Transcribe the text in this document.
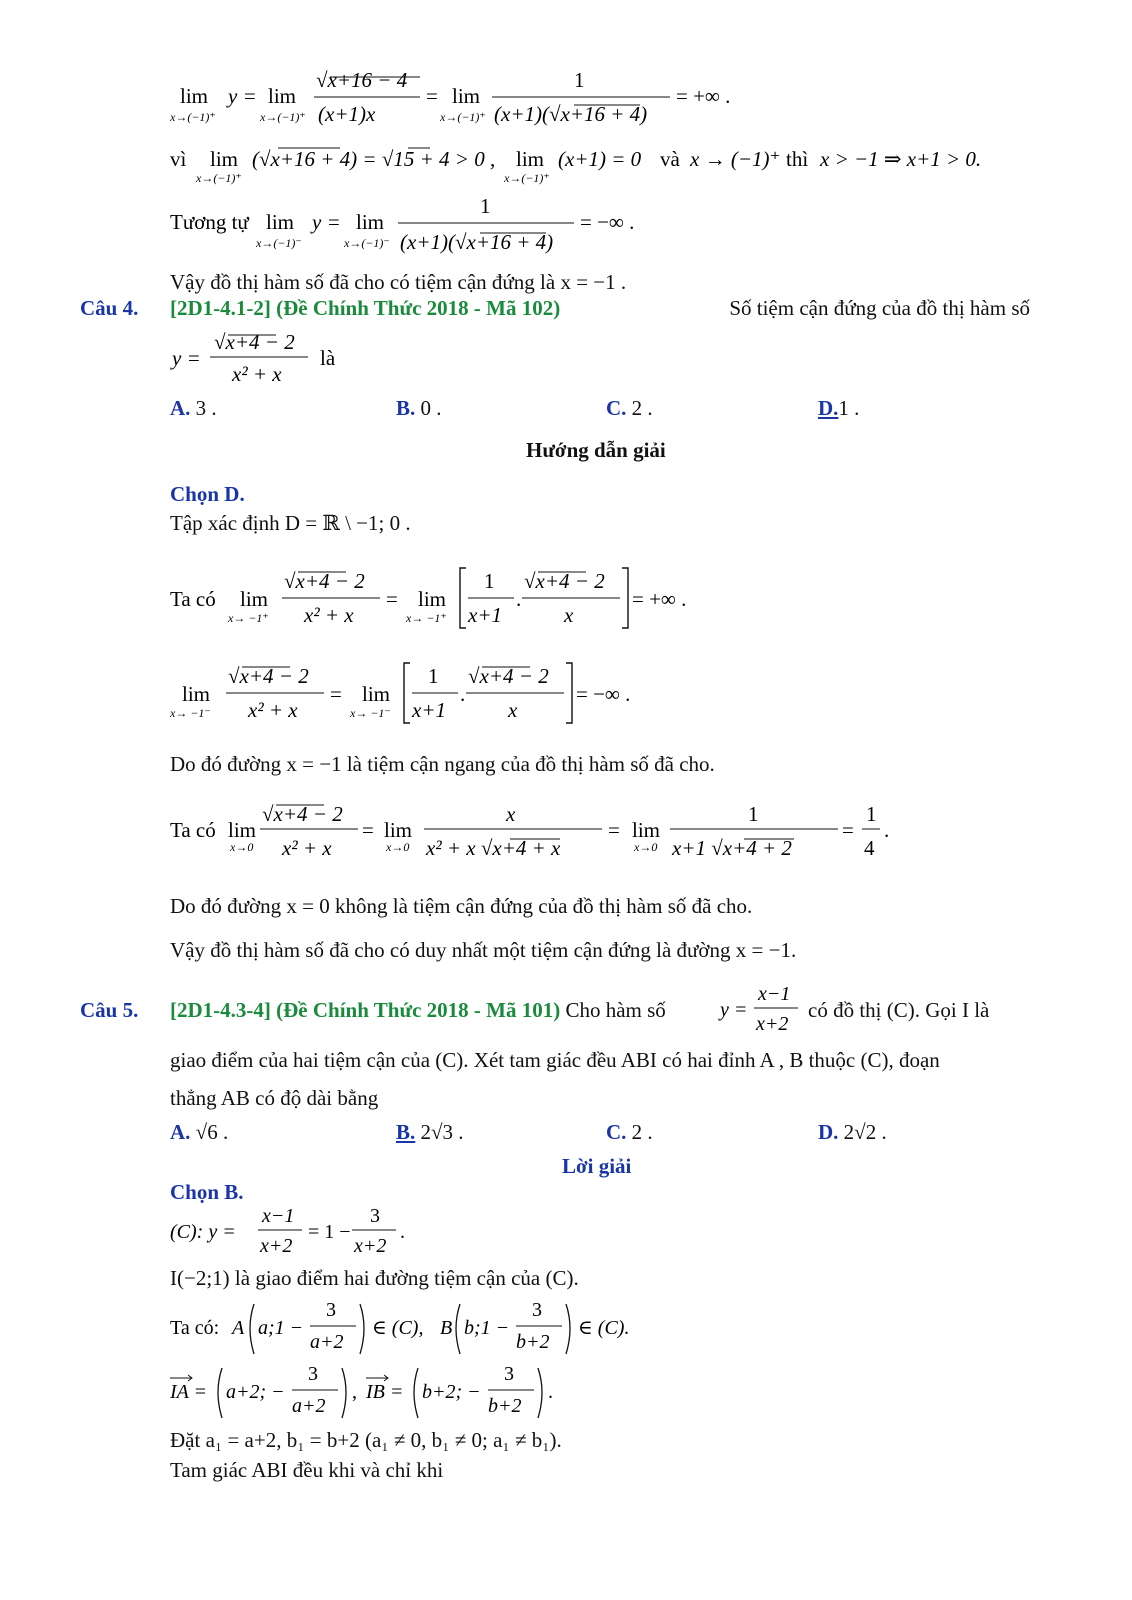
lim
x→(−1)⁺
y = lim
x→(−1)⁺
√x+16 − 4
(x+1)x
= lim
x→(−1)⁺
1
(x+1)(√x+16 + 4)
= +∞ .
vì lim
x→(−1)⁺
(√x+16 + 4) = √15 + 4 > 0 , lim
x→(−1)⁺
(x+1) = 0 và x → (−1)⁺ thì x > −1 ⇒ x+1 > 0.
Tương tự lim
x→(−1)⁻
y = lim
x→(−1)⁻
1
(x+1)(√x+16 + 4)
= −∞ .
Vậy đồ thị hàm số đã cho có tiệm cận đứng là x = −1 .
Câu 4. [2D1-4.1-2] (Đề Chính Thức 2018 - Mã 102)	Số tiệm cận đứng của đồ thị hàm số
y =
√x+4 − 2
x² + x
là
A. 3 .	B. 0 .	C. 2 .	D.1 .
Hướng dẫn giải
Chọn D.
Tập xác định D = ℝ \ −1; 0 .
Ta có lim
x→ −1⁺
√x+4 − 2
x² + x
= lim
x→ −1⁺
1
x+1
.
√x+4 − 2
x
= +∞ .
lim
x→ −1⁻
√x+4 − 2
x² + x
= lim
x→ −1⁻
1
x+1
.
√x+4 − 2
x
= −∞ .
Do đó đường x = −1 là tiệm cận ngang của đồ thị hàm số đã cho.
Ta có lim
x→0
√x+4 − 2
x² + x
= lim
x→0
x
x² + x √x+4 + x
= lim
x→0
1
x+1 √x+4 + 2
=
1
4
.
Do đó đường x = 0 không là tiệm cận đứng của đồ thị hàm số đã cho.
Vậy đồ thị hàm số đã cho có duy nhất một tiệm cận đứng là đường x = −1.
Câu 5. [2D1-4.3-4] (Đề Chính Thức 2018 - Mã 101) Cho hàm số	y =
x−1
x+2
có đồ thị (C). Gọi I là
giao điểm của hai tiệm cận của (C). Xét tam giác đều ABI có hai đỉnh A , B thuộc (C), đoạn
thẳng AB có độ dài bằng
A. √6 .	B. 2√3 .	C. 2 .	D. 2√2 .
Lời giải
Chọn B.
(C): y =
x−1
x+2
= 1 −
3
x+2
.
I(−2;1) là giao điểm hai đường tiệm cận của (C).
Ta có: A a;1 −
3
a+2
∈ (C), B b;1 −
3
b+2
∈ (C).
IA = a+2; −
3
a+2
, IB = b+2; −
3
b+2
.
Đặt a₁ = a+2, b₁ = b+2 (a₁ ≠ 0, b₁ ≠ 0; a₁ ≠ b₁).
Tam giác ABI đều khi và chỉ khi
